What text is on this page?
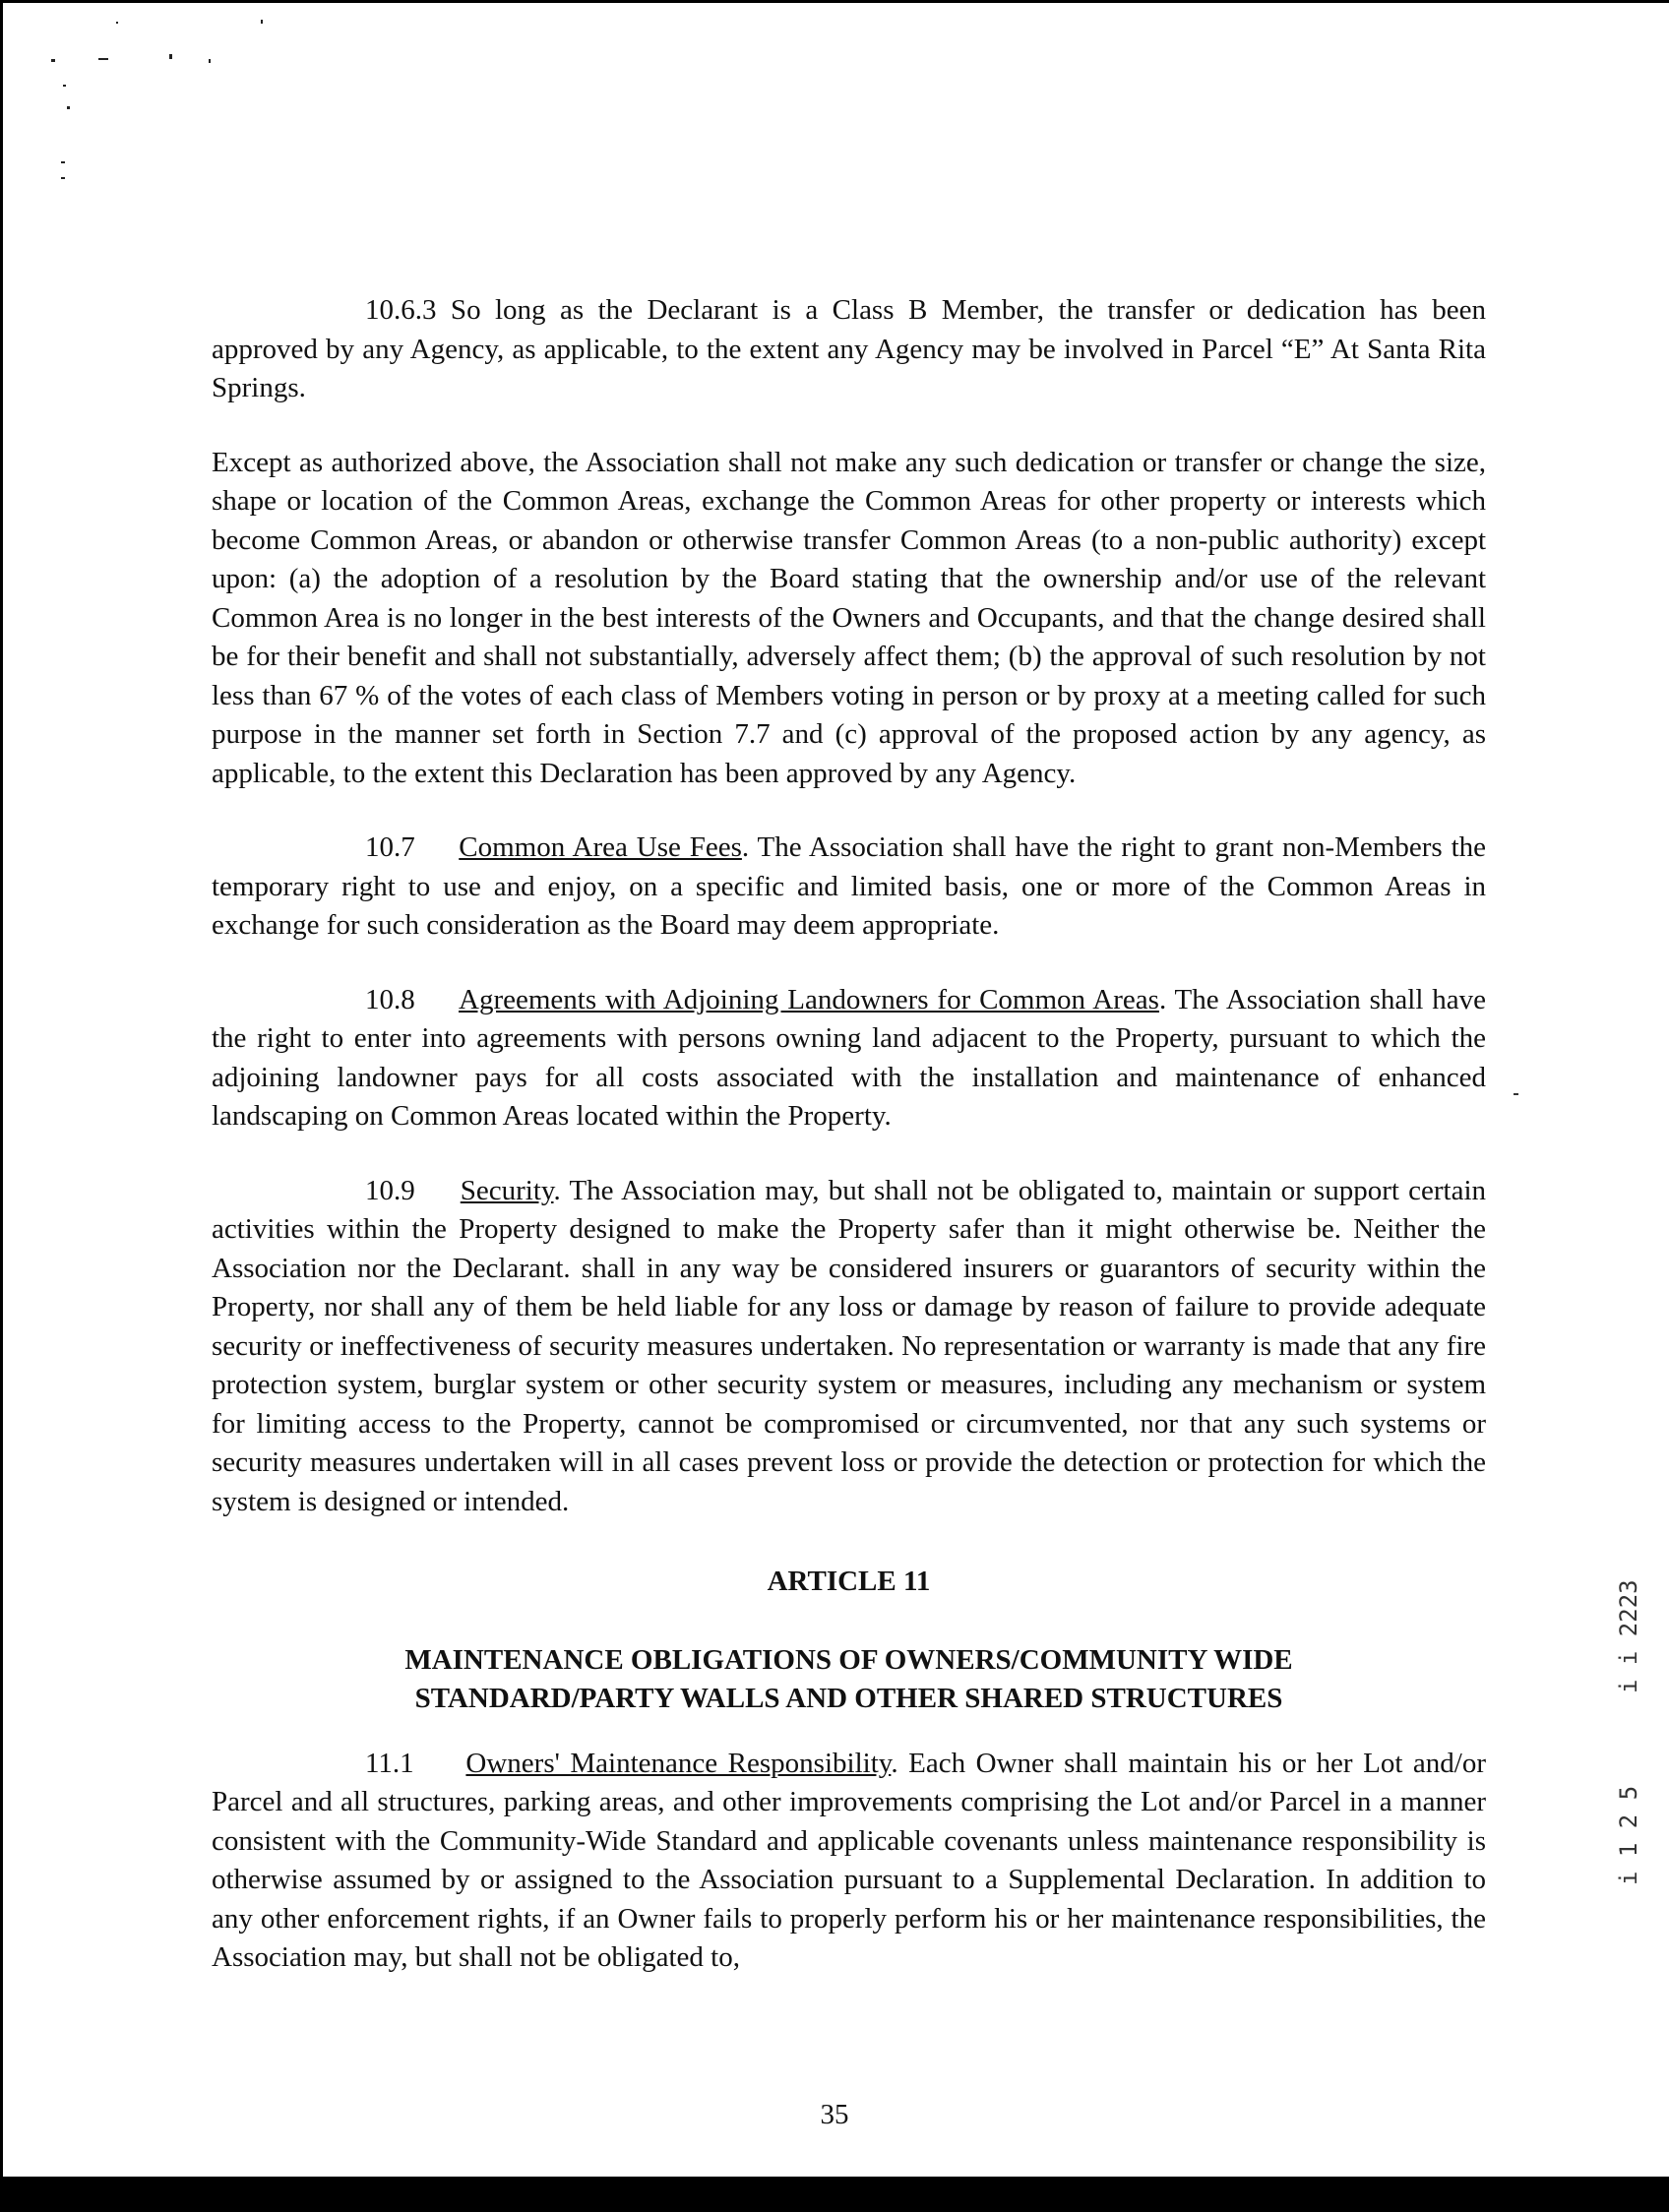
10.6.3 So long as the Declarant is a Class B Member, the transfer or dedication has been approved by any Agency, as applicable, to the extent any Agency may be involved in Parcel “E” At Santa Rita Springs.

Except as authorized above, the Association shall not make any such dedication or transfer or change the size, shape or location of the Common Areas, exchange the Common Areas for other property or interests which become Common Areas, or abandon or otherwise transfer Common Areas (to a non-public authority) except upon: (a) the adoption of a resolution by the Board stating that the ownership and/or use of the relevant Common Area is no longer in the best interests of the Owners and Occupants, and that the change desired shall be for their benefit and shall not substantially, adversely affect them; (b) the approval of such resolution by not less than 67 % of the votes of each class of Members voting in person or by proxy at a meeting called for such purpose in the manner set forth in Section 7.7 and (c) approval of the proposed action by any agency, as applicable, to the extent this Declaration has been approved by any Agency.

10.7 Common Area Use Fees. The Association shall have the right to grant non-Members the temporary right to use and enjoy, on a specific and limited basis, one or more of the Common Areas in exchange for such consideration as the Board may deem appropriate.

10.8 Agreements with Adjoining Landowners for Common Areas. The Association shall have the right to enter into agreements with persons owning land adjacent to the Property, pursuant to which the adjoining landowner pays for all costs associated with the installation and maintenance of enhanced landscaping on Common Areas located within the Property.

10.9 Security. The Association may, but shall not be obligated to, maintain or support certain activities within the Property designed to make the Property safer than it might otherwise be. Neither the Association nor the Declarant. shall in any way be considered insurers or guarantors of security within the Property, nor shall any of them be held liable for any loss or damage by reason of failure to provide adequate security or ineffectiveness of security measures undertaken. No representation or warranty is made that any fire protection system, burglar system or other security system or measures, including any mechanism or system for limiting access to the Property, cannot be compromised or circumvented, nor that any such systems or security measures undertaken will in all cases prevent loss or provide the detection or protection for which the system is designed or intended.

ARTICLE 11

MAINTENANCE OBLIGATIONS OF OWNERS/COMMUNITY WIDE

STANDARD/PARTY WALLS AND OTHER SHARED STRUCTURES

11.1 Owners' Maintenance Responsibility. Each Owner shall maintain his or her Lot and/or Parcel and all structures, parking areas, and other improvements comprising the Lot and/or Parcel in a manner consistent with the Community-Wide Standard and applicable covenants unless maintenance responsibility is otherwise assumed by or assigned to the Association pursuant to a Supplemental Declaration. In addition to any other enforcement rights, if an Owner fails to properly perform his or her maintenance responsibilities, the Association may, but shall not be obligated to,

35
i i 2223
i 1 2 5
